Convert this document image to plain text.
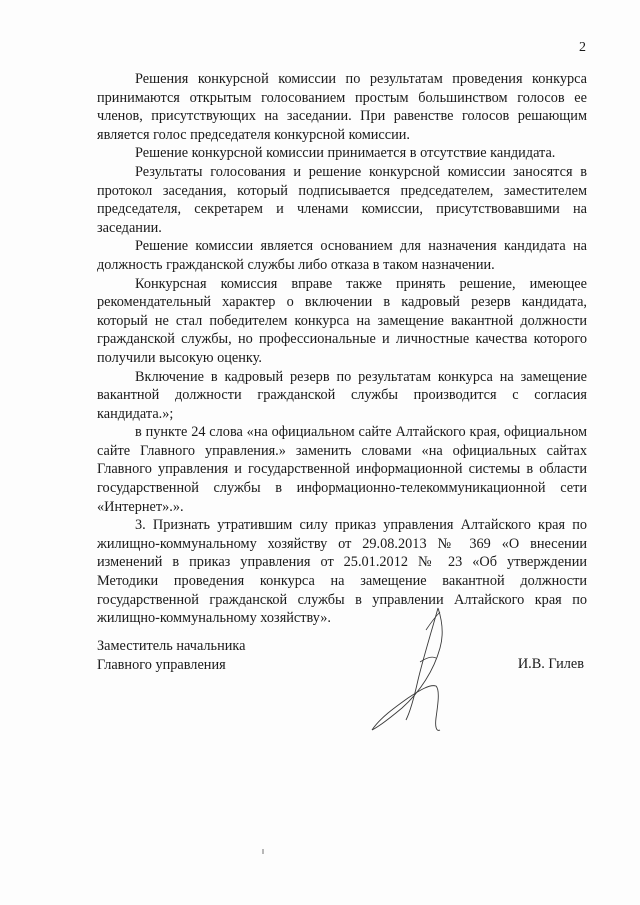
2

Решения конкурсной комиссии по результатам проведения конкурса принимаются открытым голосованием простым большинством голосов ее членов, присутствующих на заседании. При равенстве голосов решающим является голос председателя конкурсной комиссии.

Решение конкурсной комиссии принимается в отсутствие кандидата.

Результаты голосования и решение конкурсной комиссии заносятся в протокол заседания, который подписывается председателем, заместителем председателя, секретарем и членами комиссии, присутствовавшими на заседании.

Решение комиссии является основанием для назначения кандидата на должность гражданской службы либо отказа в таком назначении.

Конкурсная комиссия вправе также принять решение, имеющее рекомендательный характер о включении в кадровый резерв кандидата, который не стал победителем конкурса на замещение вакантной должности гражданской службы, но профессиональные и личностные качества которого получили высокую оценку.

Включение в кадровый резерв по результатам конкурса на замещение вакантной должности гражданской службы производится с согласия кандидата.»;

в пункте 24 слова «на официальном сайте Алтайского края, официальном сайте Главного управления.» заменить словами «на официальных сайтах Главного управления и государственной информационной системы в области государственной службы в информационно-телекоммуникационной сети «Интернет».».

3. Признать утратившим силу приказ управления Алтайского края по жилищно-коммунальному хозяйству от 29.08.2013 № 369 «О внесении изменений в приказ управления от 25.01.2012 № 23 «Об утверждении Методики проведения конкурса на замещение вакантной должности государственной гражданской службы в управлении Алтайского края по жилищно-коммунальному хозяйству».

Заместитель начальника
Главного управления	И.В. Гилев
